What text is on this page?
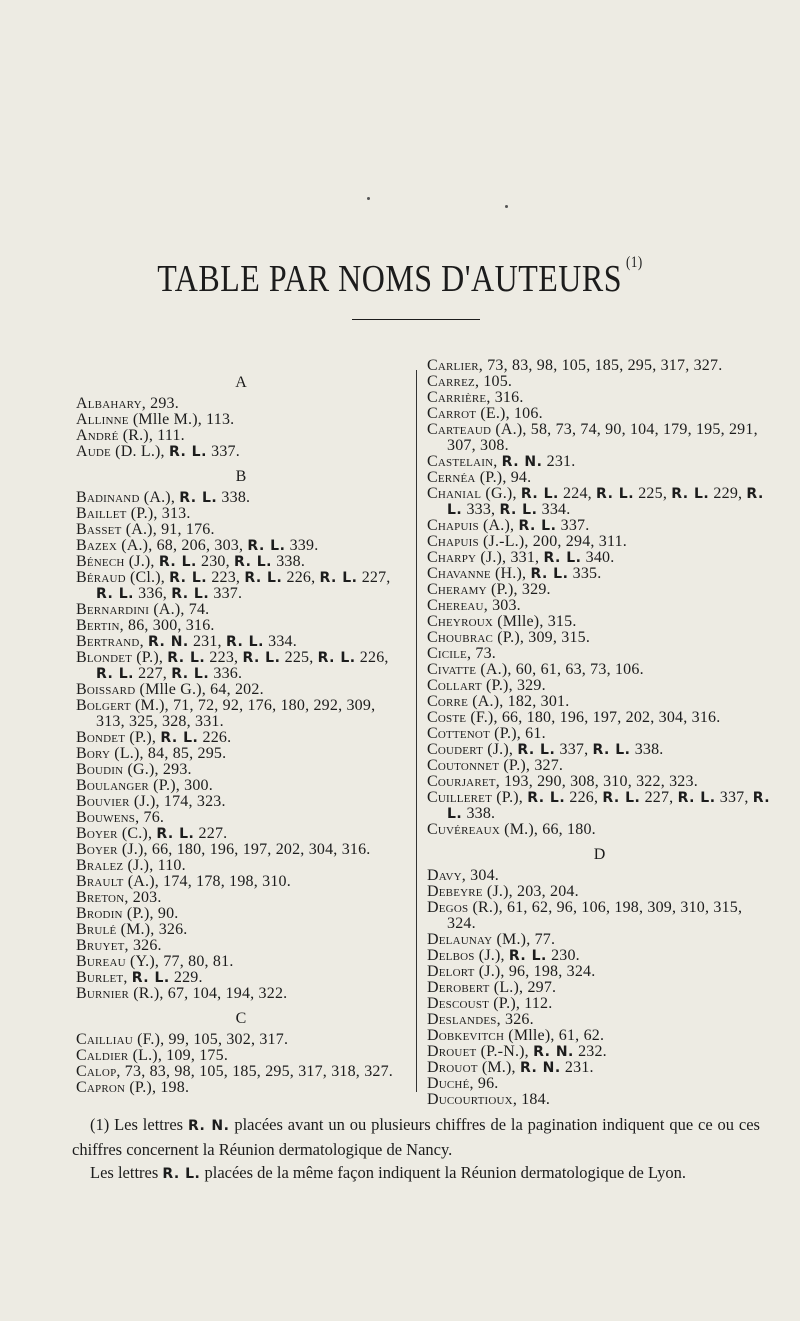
TABLE PAR NOMS D'AUTEURS $^{(1)}$
A

Albahary, 293.

Allinne (Mlle M.), 113.

André (R.), 111.

Aude (D. L.), R. L. 337.

B

Badinand (A.), R. L. 338.

Baillet (P.), 313.

Basset (A.), 91, 176.

Bazex (A.), 68, 206, 303, R. L. 339.

Bénech (J.), R. L. 230, R. L. 338.

Béraud (Cl.), R. L. 223, R. L. 226, R. L. 227, R. L. 336, R. L. 337.

Bernardini (A.), 74.

Bertin, 86, 300, 316.

Bertrand, R. N. 231, R. L. 334.

Blondet (P.), R. L. 223, R. L. 225, R. L. 226, R. L. 227, R. L. 336.

Boissard (Mlle G.), 64, 202.

Bolgert (M.), 71, 72, 92, 176, 180, 292, 309, 313, 325, 328, 331.

Bondet (P.), R. L. 226.

Bory (L.), 84, 85, 295.

Boudin (G.), 293.

Boulanger (P.), 300.

Bouvier (J.), 174, 323.

Bouwens, 76.

Boyer (C.), R. L. 227.

Boyer (J.), 66, 180, 196, 197, 202, 304, 316.

Bralez (J.), 110.

Brault (A.), 174, 178, 198, 310.

Breton, 203.

Brodin (P.), 90.

Brulé (M.), 326.

Bruyet, 326.

Bureau (Y.), 77, 80, 81.

Burlet, R. L. 229.

Burnier (R.), 67, 104, 194, 322.

C

Cailliau (F.), 99, 105, 302, 317.

Caldier (L.), 109, 175.

Calop, 73, 83, 98, 105, 185, 295, 317, 318, 327.

Capron (P.), 198.

Carlier, 73, 83, 98, 105, 185, 295, 317, 327.

Carrez, 105.

Carrière, 316.

Carrot (E.), 106.

Carteaud (A.), 58, 73, 74, 90, 104, 179, 195, 291, 307, 308.

Castelain, R. N. 231.

Cernéa (P.), 94.

Chanial (G.), R. L. 224, R. L. 225, R. L. 229, R. L. 333, R. L. 334.

Chapuis (A.), R. L. 337.

Chapuis (J.-L.), 200, 294, 311.

Charpy (J.), 331, R. L. 340.

Chavanne (H.), R. L. 335.

Cheramy (P.), 329.

Chereau, 303.

Cheyroux (Mlle), 315.

Choubrac (P.), 309, 315.

Cicile, 73.

Civatte (A.), 60, 61, 63, 73, 106.

Collart (P.), 329.

Corre (A.), 182, 301.

Coste (F.), 66, 180, 196, 197, 202, 304, 316.

Cottenot (P.), 61.

Coudert (J.), R. L. 337, R. L. 338.

Coutonnet (P.), 327.

Courjaret, 193, 290, 308, 310, 322, 323.

Cuilleret (P.), R. L. 226, R. L. 227, R. L. 337, R. L. 338.

Cuvéreaux (M.), 66, 180.

D

Davy, 304.

Debeyre (J.), 203, 204.

Degos (R.), 61, 62, 96, 106, 198, 309, 310, 315, 324.

Delaunay (M.), 77.

Delbos (J.), R. L. 230.

Delort (J.), 96, 198, 324.

Derobert (L.), 297.

Descoust (P.), 112.

Deslandes, 326.

Dobkevitch (Mlle), 61, 62.

Drouet (P.-N.), R. N. 232.

Drouot (M.), R. N. 231.

Duché, 96.

Ducourtioux, 184.

(1) Les lettres R. N. placées avant un ou plusieurs chiffres de la pagination indiquent que ce ou ces chiffres concernent la Réunion dermatologique de Nancy.

Les lettres R. L. placées de la même façon indiquent la Réunion dermatologique de Lyon.
